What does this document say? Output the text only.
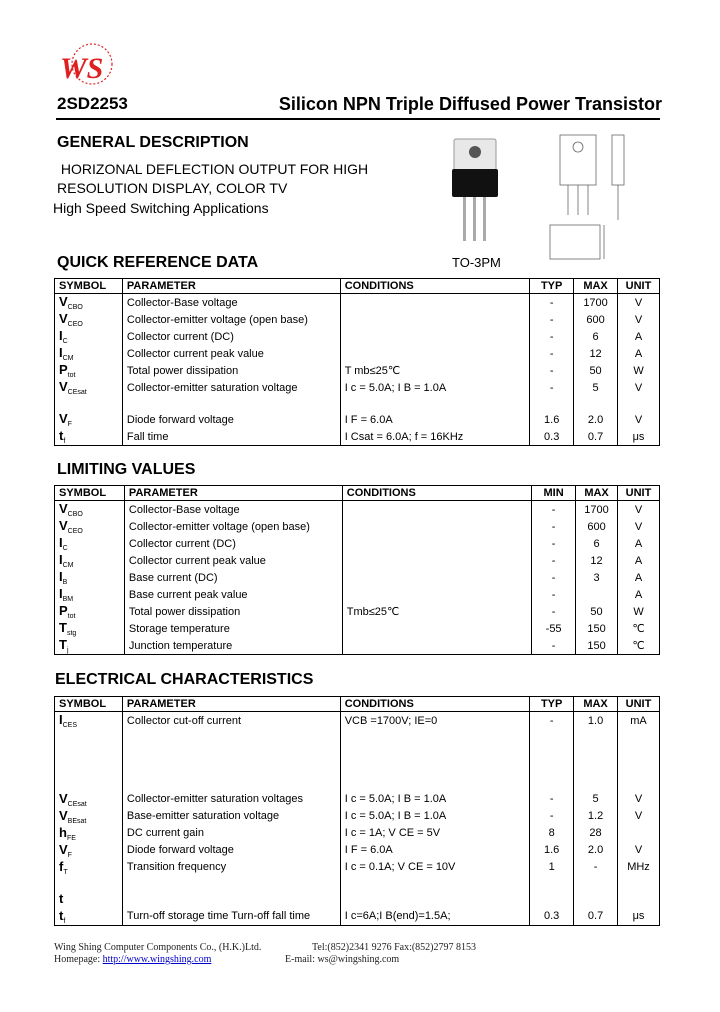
WS
2SD2253	Silicon NPN Triple Diffused Power Transistor
GENERAL DESCRIPTION
HORIZONAL DEFLECTION OUTPUT FOR HIGH
RESOLUTION DISPLAY, COLOR TV
High Speed Switching Applications
TO-3PM
QUICK REFERENCE DATA
SYMBOL	PARAMETER	CONDITIONS	TYP	MAX	UNIT
$V_{CBO}$	Collector-Base voltage		-	1700	V
$V_{CEO}$	Collector-emitter voltage (open base)		-	600	V
$I_C$	Collector current (DC)		-	6	A
$I_{CM}$	Collector current peak value		-	12	A
$P_{tot}$	Total power dissipation	T mb≤25℃	-	50	W
$V_{CEsat}$	Collector-emitter saturation voltage	I c = 5.0A; I B = 1.0A	-	5	V

$V_F$	Diode forward voltage	I F = 6.0A	1.6	2.0	V
$t_f$	Fall time	I Csat = 6.0A; f = 16KHz	0.3	0.7	μs
LIMITING VALUES
SYMBOL	PARAMETER	CONDITIONS	MIN	MAX	UNIT
$V_{CBO}$	Collector-Base voltage		-	1700	V
$V_{CEO}$	Collector-emitter voltage (open base)		-	600	V
$I_C$	Collector current (DC)		-	6	A
$I_{CM}$	Collector current peak value		-	12	A
$I_B$	Base current (DC)		-	3	A
$I_{BM}$	Base current peak value		-		A
$P_{tot}$	Total power dissipation	Tmb≤25℃	-	50	W
$T_{stg}$	Storage temperature		-55	150	℃
$T_j$	Junction temperature		-	150	℃
ELECTRICAL CHARACTERISTICS
SYMBOL	PARAMETER	CONDITIONS	TYP	MAX	UNIT
$I_{CES}$	Collector cut-off current	VCB =1700V; IE=0	-	1.0	mA

$V_{CEsat}$	Collector-emitter saturation voltages	I c = 5.0A; I B = 1.0A	-	5	V
$V_{BEsat}$	Base-emitter saturation voltage	I c = 5.0A; I B = 1.0A	-	1.2	V
$h_{FE}$	DC current gain	I c = 1A; V CE = 5V	8	28	
$V_F$	Diode forward voltage	I F = 6.0A	1.6	2.0	V
$f_T$	Transition frequency	I c = 0.1A; V CE = 10V	1	-	MHz

t					
$t_f$	Turn-off storage time Turn-off fall time	I c=6A;I B(end)=1.5A;	0.3	0.7	μs
Wing Shing Computer Components Co., (H.K.)Ltd.	Tel:(852)2341 9276 Fax:(852)2797 8153
Homepage: http://www.wingshing.com	E-mail: ws@wingshing.com
